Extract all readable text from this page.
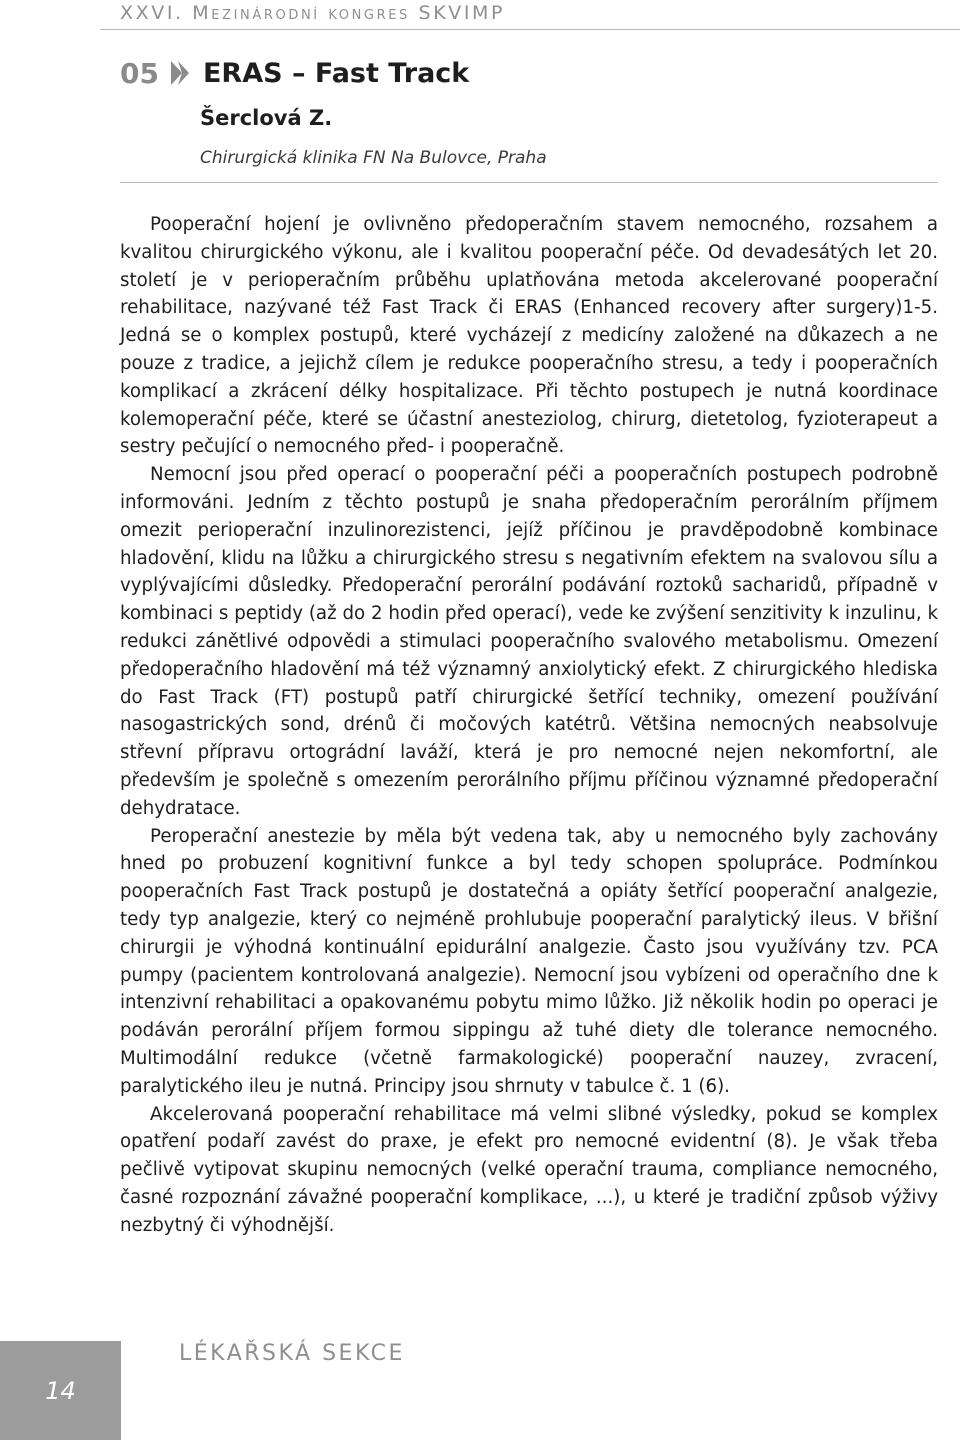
XXVI. Mezinárodní kongres SKVIMP
05 ERAS – Fast Track
Šerclová Z.
Chirurgická klinika FN Na Bulovce, Praha

Pooperační hojení je ovlivněno předoperačním stavem nemocného, rozsahem a kvalitou chirurgického výkonu, ale i kvalitou pooperační péče. Od devadesátých let 20. století je v perioperačním průběhu uplatňována metoda akcelerované pooperační rehabilitace, nazývané též Fast Track či ERAS (Enhanced recovery after surgery)1-5. Jedná se o komplex postupů, které vycházejí z medicíny založené na důkazech a ne pouze z tradice, a jejichž cílem je redukce pooperačního stresu, a tedy i pooperačních komplikací a zkrácení délky hospitalizace. Při těchto postupech je nutná koordinace kolemoperační péče, které se účastní anesteziolog, chirurg, dietetolog, fyzioterapeut a sestry pečující o nemocného před- i pooperačně.

Nemocní jsou před operací o pooperační péči a pooperačních postupech podrobně informováni. Jedním z těchto postupů je snaha předoperačním perorálním příjmem omezit perioperační inzulinorezistenci, jejíž příčinou je pravděpodobně kombinace hladovění, klidu na lůžku a chirurgického stresu s negativním efektem na svalovou sílu a vyplývajícími důsledky. Předoperační perorální podávání roztoků sacharidů, případně v kombinaci s peptidy (až do 2 hodin před operací), vede ke zvýšení senzitivity k inzulinu, k redukci zánětlivé odpovědi a stimulaci pooperačního svalového metabolismu. Omezení předoperačního hladovění má též významný anxiolytický efekt. Z chirurgického hlediska do Fast Track (FT) postupů patří chirurgické šetřící techniky, omezení používání nasogastrických sond, drénů či močových katétrů. Většina nemocných neabsolvuje střevní přípravu ortográdní laváží, která je pro nemocné nejen nekomfortní, ale především je společně s omezením perorálního příjmu příčinou významné předoperační dehydratace.

Peroperační anestezie by měla být vedena tak, aby u nemocného byly zachovány hned po probuzení kognitivní funkce a byl tedy schopen spolupráce. Podmínkou pooperačních Fast Track postupů je dostatečná a opiáty šetřící pooperační analgezie, tedy typ analgezie, který co nejméně prohlubuje pooperační paralytický ileus. V břišní chirurgii je výhodná kontinuální epidurální analgezie. Často jsou využívány tzv. PCA pumpy (pacientem kontrolovaná analgezie). Nemocní jsou vybízeni od operačního dne k intenzivní rehabilitaci a opakovanému pobytu mimo lůžko. Již několik hodin po operaci je podáván perorální příjem formou sippingu až tuhé diety dle tolerance nemocného. Multimodální redukce (včetně farmakologické) pooperační nauzey, zvracení, paralytického ileu je nutná. Principy jsou shrnuty v tabulce č. 1 (6).

Akcelerovaná pooperační rehabilitace má velmi slibné výsledky, pokud se komplex opatření podaří zavést do praxe, je efekt pro nemocné evidentní (8). Je však třeba pečlivě vytipovat skupinu nemocných (velké operační trauma, compliance nemocného, časné rozpoznání závažné pooperační komplikace, ...), u které je tradiční způsob výživy nezbytný či výhodnější.

14
LÉKAŘSKÁ SEKCE
